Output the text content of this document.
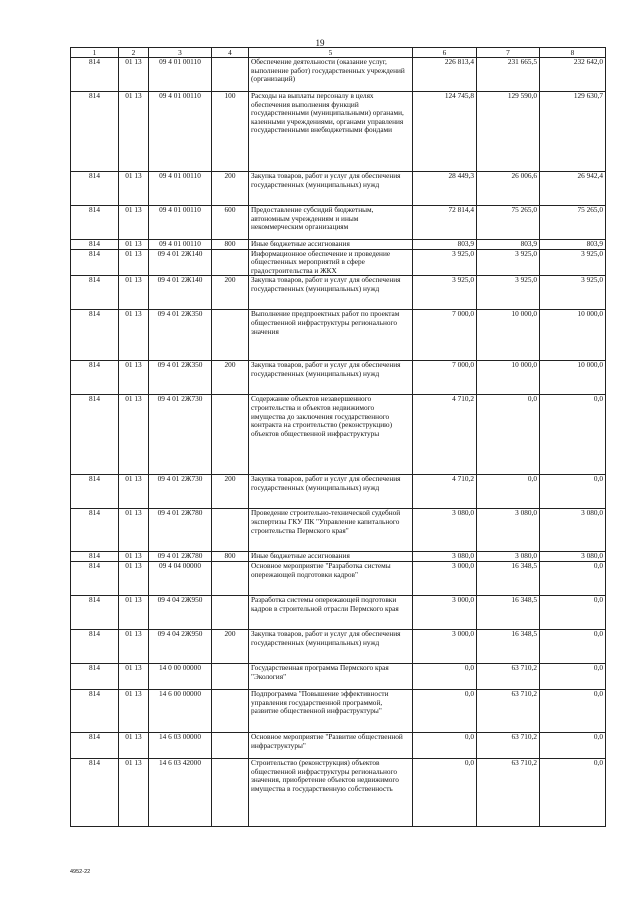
19
1	2	3	4	5	6	7	8
814	01 13	09 4 01 00110		Обеспечение деятельности (оказание услуг, выполнение работ) государственных учреждений (организаций)	226 813,4	231 665,5	232 642,0
814	01 13	09 4 01 00110	100	Расходы на выплаты персоналу в целях обеспечения выполнения функций государственными (муниципальными) органами, казенными учреждениями, органами управления государственными внебюджетными фондами	124 745,8	129 590,0	129 630,7
814	01 13	09 4 01 00110	200	Закупка товаров, работ и услуг для обеспечения государственных (муниципальных) нужд	28 449,3	26 006,6	26 942,4
814	01 13	09 4 01 00110	600	Предоставление субсидий бюджетным, автономным учреждениям и иным некоммерческим организациям	72 814,4	75 265,0	75 265,0
814	01 13	09 4 01 00110	800	Иные бюджетные ассигнования	803,9	803,9	803,9
814	01 13	09 4 01 2Ж140		Информационное обеспечение и проведение общественных мероприятий в сфере градостроительства и ЖКХ	3 925,0	3 925,0	3 925,0
814	01 13	09 4 01 2Ж140	200	Закупка товаров, работ и услуг для обеспечения государственных (муниципальных) нужд	3 925,0	3 925,0	3 925,0
814	01 13	09 4 01 2Ж350		Выполнение предпроектных работ по проектам общественной инфраструктуры регионального значения	7 000,0	10 000,0	10 000,0
814	01 13	09 4 01 2Ж350	200	Закупка товаров, работ и услуг для обеспечения государственных (муниципальных) нужд	7 000,0	10 000,0	10 000,0
814	01 13	09 4 01 2Ж730		Содержание объектов незавершенного строительства и объектов недвижимого имущества до заключения государственного контракта на строительство (реконструкцию) объектов общественной инфраструктуры	4 710,2	0,0	0,0
814	01 13	09 4 01 2Ж730	200	Закупка товаров, работ и услуг для обеспечения государственных (муниципальных) нужд	4 710,2	0,0	0,0
814	01 13	09 4 01 2Ж780		Проведение строительно-технической судебной экспертизы ГКУ ПК "Управление капитального строительства Пермского края"	3 080,0	3 080,0	3 080,0
814	01 13	09 4 01 2Ж780	800	Иные бюджетные ассигнования	3 080,0	3 080,0	3 080,0
814	01 13	09 4 04 00000		Основное мероприятие "Разработка системы опережающей подготовки кадров"	3 000,0	16 348,5	0,0
814	01 13	09 4 04 2Ж950		Разработка системы опережающей подготовки кадров в строительной отрасли Пермского края	3 000,0	16 348,5	0,0
814	01 13	09 4 04 2Ж950	200	Закупка товаров, работ и услуг для обеспечения государственных (муниципальных) нужд	3 000,0	16 348,5	0,0
814	01 13	14 0 00 00000		Государственная программа Пермского края "Экология"	0,0	63 710,2	0,0
814	01 13	14 6 00 00000		Подпрограмма "Повышение эффективности управления государственной программой, развитие общественной инфраструктуры"	0,0	63 710,2	0,0
814	01 13	14 6 03 00000		Основное мероприятие "Развитие общественной инфраструктуры"	0,0	63 710,2	0,0
814	01 13	14 6 03 42000		Строительство (реконструкция) объектов общественной инфраструктуры регионального значения, приобретение объектов недвижимого имущества в государственную собственность	0,0	63 710,2	0,0
4952-22
